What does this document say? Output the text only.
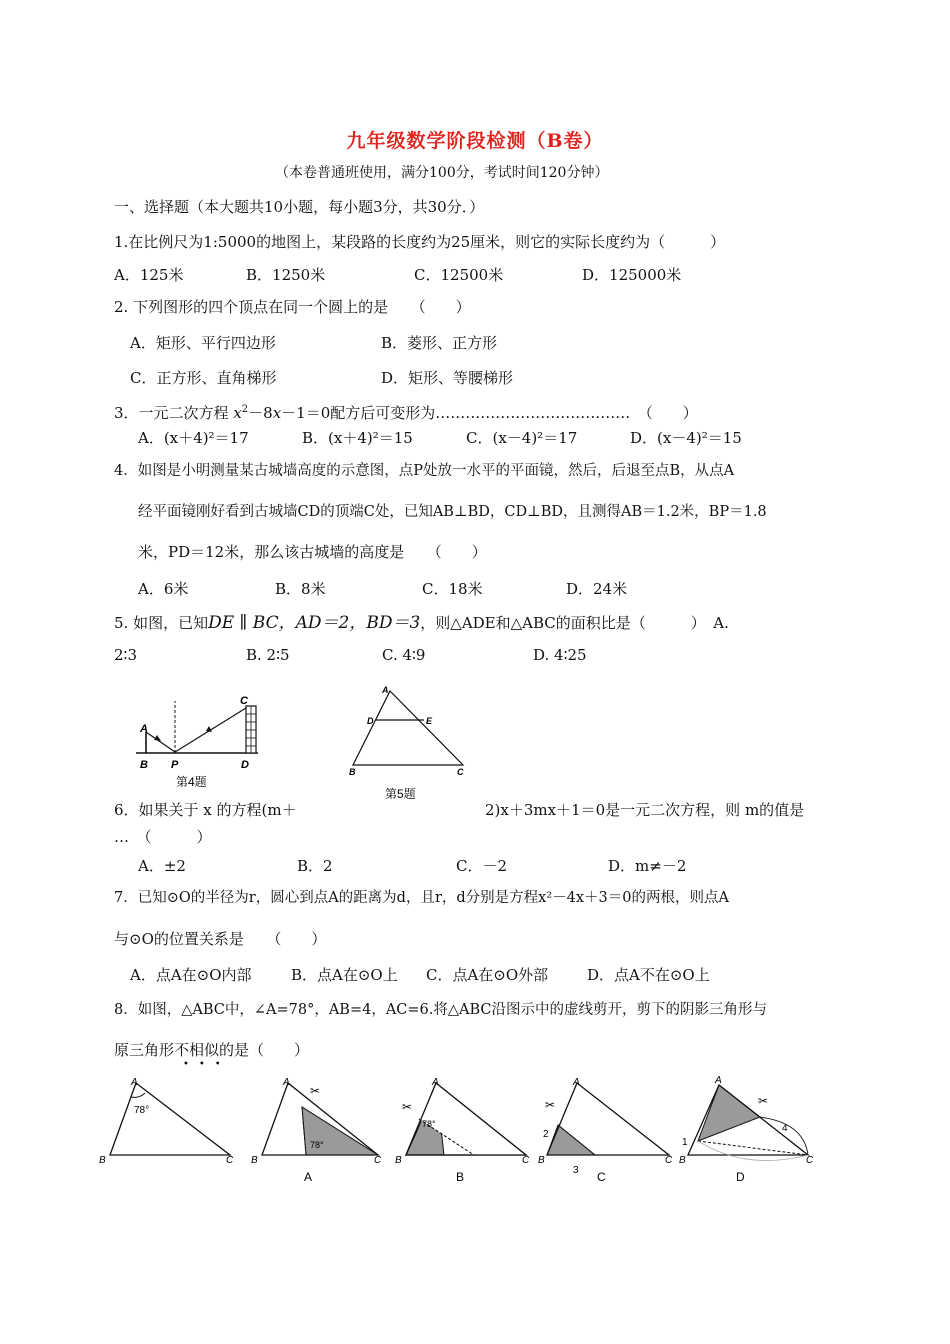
九年级数学阶段检测（B卷）
（本卷普通班使用，满分100分，考试时间120分钟）
一、选择题（本大题共10小题，每小题3分，共30分．）
1.在比例尺为1:5000的地图上，某段路的长度约为25厘米，则它的实际长度约为（　　　）
A．125米	B．1250米	C．12500米	D．125000米
2. 下列图形的四个顶点在同一个圆上的是　　（　　）
A．矩形、平行四边形	B．菱形、正方形
C．正方形、直角梯形	D．矩形、等腰梯形
3．一元二次方程 $x^2-8x-1=0$配方后可变形为…………………………………　（　　）
A．(x＋4)²＝17	B．(x＋4)²＝15	C．(x－4)²＝17	D．(x－4)²＝15
4．如图是小明测量某古城墙高度的示意图，点P处放一水平的平面镜，然后，后退至点B，从点A
经平面镜刚好看到古城墙CD的顶端C处，已知AB⊥BD，CD⊥BD，且测得AB＝1.2米，BP＝1.8
米，PD＝12米，那么该古城墙的高度是　　（　　）
A．6米	B．8米	C．18米	D．24米
5. 如图，已知DE ∥ BC，AD＝2，BD＝3，则△ADE和△ABC的面积比是（　　　）　A.
2∶3	B. 2∶5	C. 4∶9	D. 4∶25
A
B P
C
D
第4题
A
D	E
B	C
第5题
6．如果关于 x 的方程(m＋	2)x＋3mx＋1＝0是一元二次方程，则 m的值是
…　（　　　）
A．±2	B．2	C．－2	D．m≠－2
7．已知⊙O的半径为r，圆心到点A的距离为d，且r，d分别是方程x²－4x＋3＝0的两根，则点A
与⊙O的位置关系是　　（　　）
A．点A在⊙O内部	B．点A在⊙O上 C．点A在⊙O外部	D．点A不在⊙O上
8．如图，△ABC中，∠A=78°，AB=4，AC=6.将△ABC沿图示中的虚线剪开，剪下的阴影三角形与
原三角形不相似的是（　　）
•••
78°
A
B	C
78°
✂
A
B	C
A
78°
✂
A
B	C
B
✂
2
3
A
B	C
C
✂
1
4
A
B	C
D
